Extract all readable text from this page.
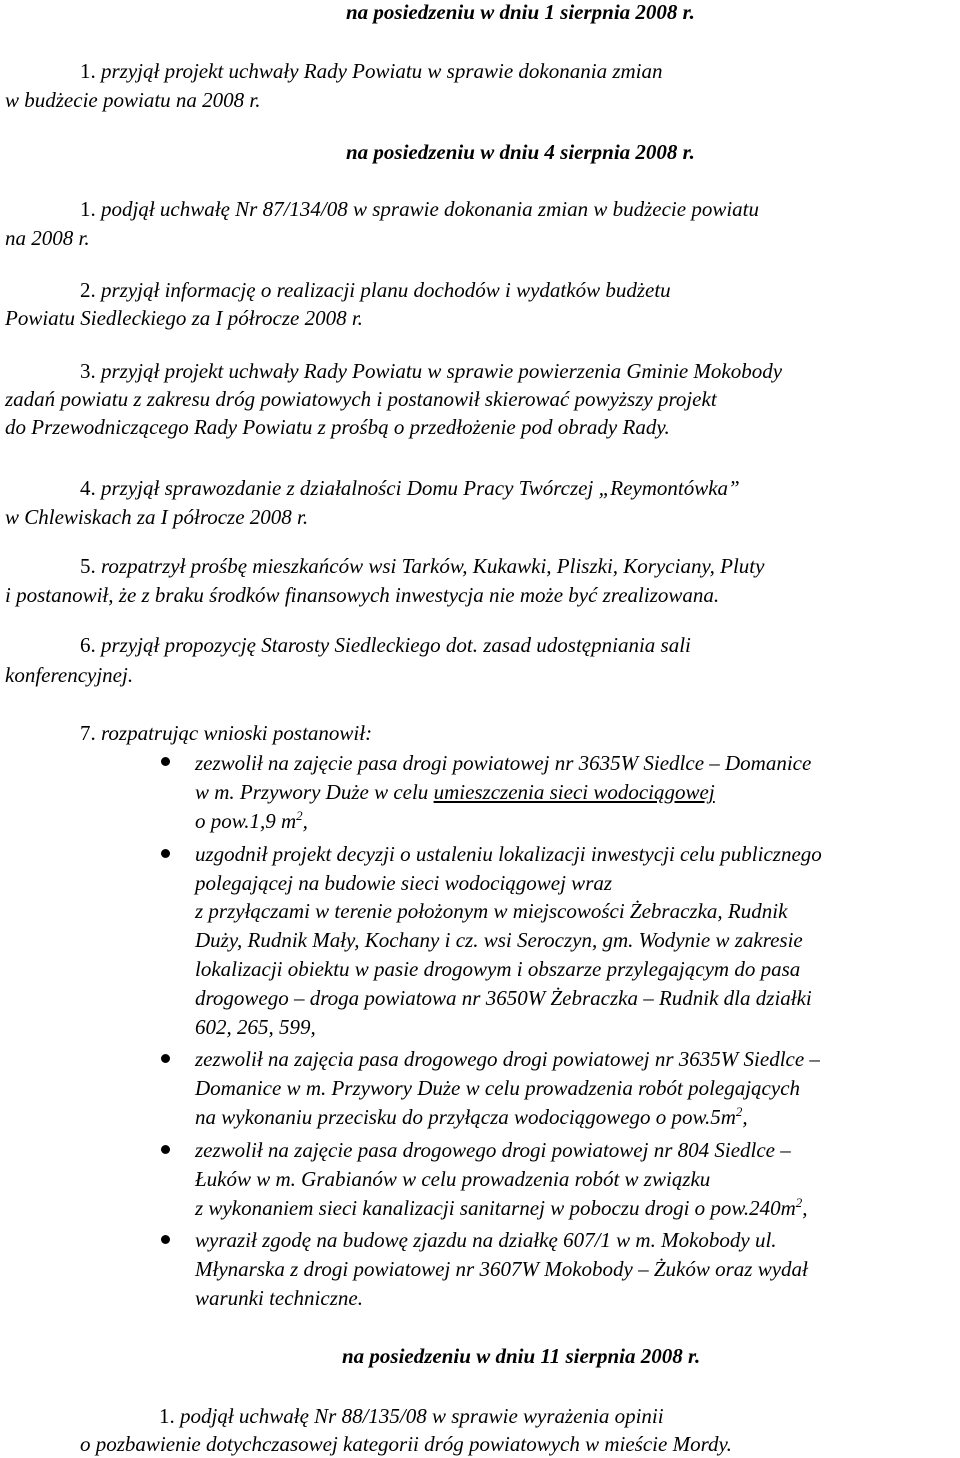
na posiedzeniu w dniu 1 sierpnia 2008 r.
1. przyjął projekt uchwały Rady Powiatu w sprawie dokonania zmian
w budżecie powiatu na 2008 r.
na posiedzeniu w dniu 4 sierpnia 2008 r.
1. podjął uchwałę Nr 87/134/08 w sprawie dokonania zmian w budżecie powiatu
na 2008 r.
2. przyjął informację o realizacji planu dochodów i wydatków budżetu
Powiatu Siedleckiego za I półrocze 2008 r.
3. przyjął projekt uchwały Rady Powiatu w sprawie powierzenia Gminie Mokobody
zadań powiatu z zakresu dróg powiatowych i postanowił skierować powyższy projekt
do Przewodniczącego Rady Powiatu z prośbą o przedłożenie pod obrady Rady.
4. przyjął sprawozdanie z działalności Domu Pracy Twórczej „Reymontówka”
w Chlewiskach za I półrocze 2008 r.
5. rozpatrzył prośbę mieszkańców wsi Tarków, Kukawki, Pliszki, Koryciany, Pluty
i postanowił, że z braku środków finansowych inwestycja nie może być zrealizowana.
6. przyjął propozycję Starosty Siedleckiego dot. zasad udostępniania sali
konferencyjnej.
7. rozpatrując wnioski postanowił:
zezwolił na zajęcie pasa drogi powiatowej nr 3635W Siedlce – Domanice
w m. Przywory Duże w celu umieszczenia sieci wodociągowej
o pow.1,9 $m^2$,
uzgodnił projekt decyzji o ustaleniu lokalizacji inwestycji celu publicznego
polegającej na budowie sieci wodociągowej wraz
z przyłączami w terenie położonym w miejscowości Żebraczka, Rudnik
Duży, Rudnik Mały, Kochany i cz. wsi Seroczyn, gm. Wodynie w zakresie
lokalizacji obiektu w pasie drogowym i obszarze przylegającym do pasa
drogowego – droga powiatowa nr 3650W Żebraczka – Rudnik dla działki
602, 265, 599,
zezwolił na zajęcia pasa drogowego drogi powiatowej nr 3635W Siedlce –
Domanice w m. Przywory Duże w celu prowadzenia robót polegających
na wykonaniu przecisku do przyłącza wodociągowego o $pow.5m^2$,
zezwolił na zajęcie pasa drogowego drogi powiatowej nr 804 Siedlce –
Łuków w m. Grabianów w celu prowadzenia robót w związku
z wykonaniem sieci kanalizacji sanitarnej w poboczu drogi o $pow.240m^2$,
wyraził zgodę na budowę zjazdu na działkę 607/1 w m. Mokobody ul.
Młynarska z drogi powiatowej nr 3607W Mokobody – Żuków oraz wydał
warunki techniczne.
na posiedzeniu w dniu 11 sierpnia 2008 r.
1. podjął uchwałę Nr 88/135/08 w sprawie wyrażenia opinii
o pozbawienie dotychczasowej kategorii dróg powiatowych w mieście Mordy.
